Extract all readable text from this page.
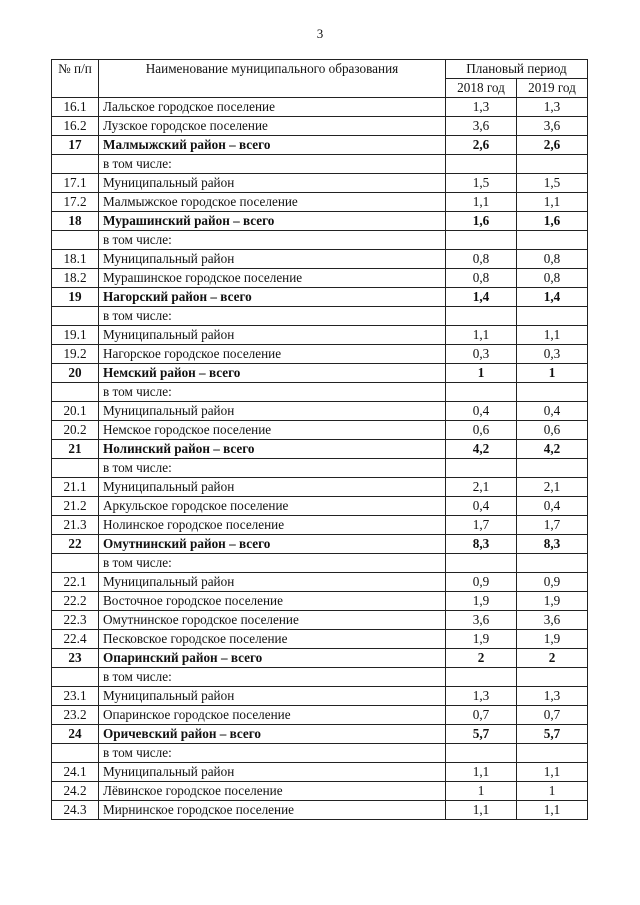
3
№ п/п	Наименование муниципального образования	Плановый период	
		2018 год	2019 год
16.1	Лальское городское поселение	1,3	1,3
16.2	Лузское городское поселение	3,6	3,6
17	Малмыжский район – всего	2,6	2,6
	в том числе:		
17.1	Муниципальный район	1,5	1,5
17.2	Малмыжское городское поселение	1,1	1,1
18	Мурашинский район – всего	1,6	1,6
	в том числе:		
18.1	Муниципальный район	0,8	0,8
18.2	Мурашинское городское поселение	0,8	0,8
19	Нагорский район – всего	1,4	1,4
	в том числе:		
19.1	Муниципальный район	1,1	1,1
19.2	Нагорское городское поселение	0,3	0,3
20	Немский район – всего	1	1
	в том числе:		
20.1	Муниципальный район	0,4	0,4
20.2	Немское городское поселение	0,6	0,6
21	Нолинский район – всего	4,2	4,2
	в том числе:		
21.1	Муниципальный район	2,1	2,1
21.2	Аркульское городское поселение	0,4	0,4
21.3	Нолинское городское поселение	1,7	1,7
22	Омутнинский район – всего	8,3	8,3
	в том числе:		
22.1	Муниципальный район	0,9	0,9
22.2	Восточное городское поселение	1,9	1,9
22.3	Омутнинское городское поселение	3,6	3,6
22.4	Песковское городское поселение	1,9	1,9
23	Опаринский район – всего	2	2
	в том числе:		
23.1	Муниципальный район	1,3	1,3
23.2	Опаринское городское поселение	0,7	0,7
24	Оричевский район – всего	5,7	5,7
	в том числе:		
24.1	Муниципальный район	1,1	1,1
24.2	Лёвинское городское поселение	1	1
24.3	Мирнинское городское поселение	1,1	1,1
